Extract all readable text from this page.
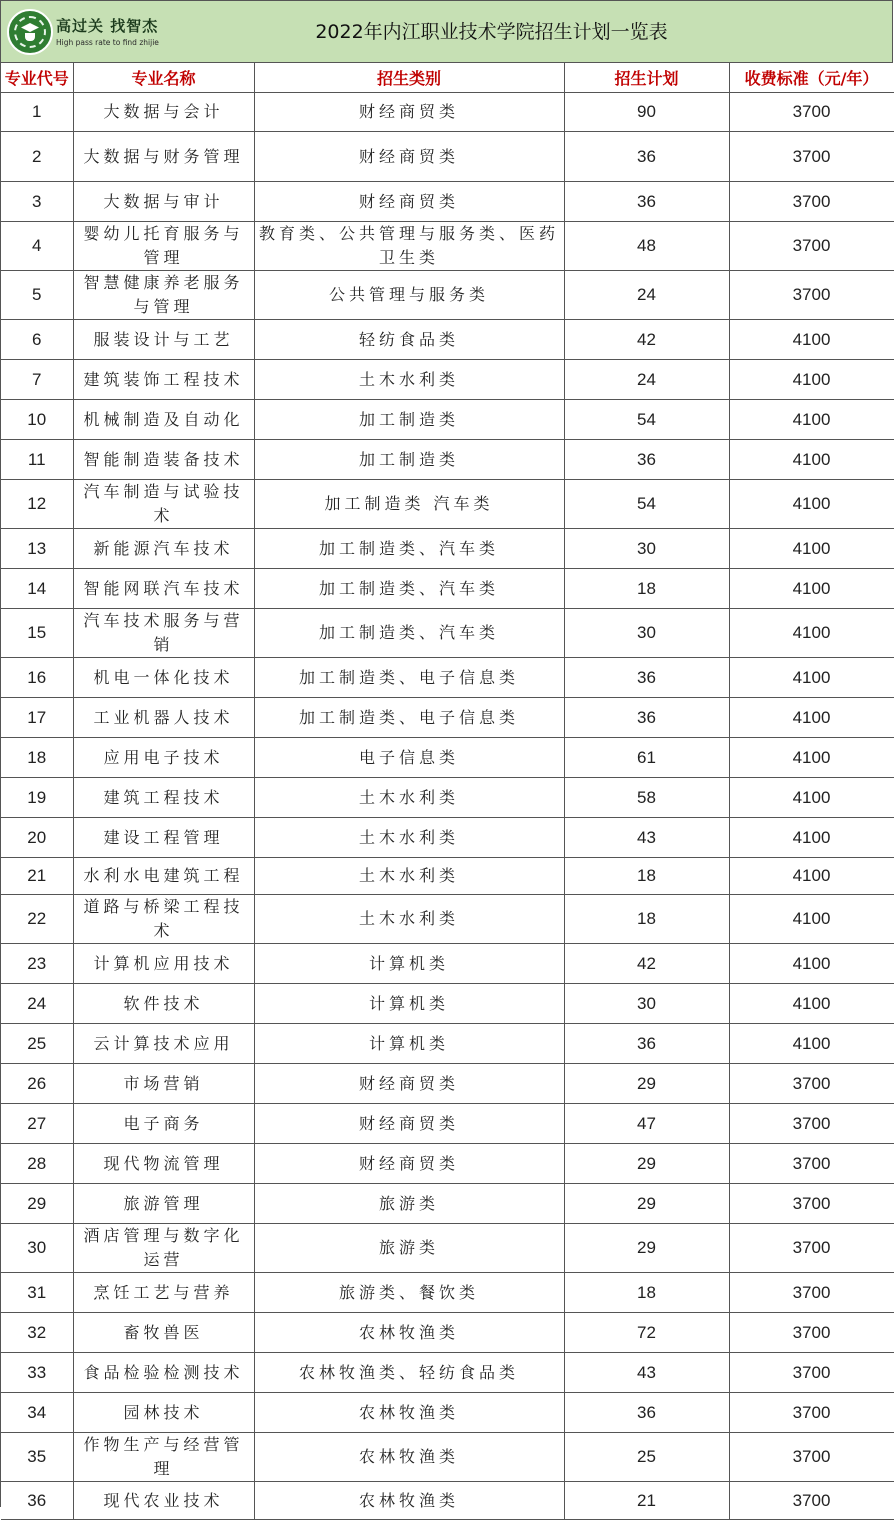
高过关 找智杰
High pass rate to find zhijie	2022年内江职业技术学院招生计划一览表
专业代号	专业名称	招生类别	招生计划	收费标准（元/年）
1	大数据与会计	财经商贸类	90	3700
2	大数据与财务管理	财经商贸类	36	3700
3	大数据与审计	财经商贸类	36	3700
4	婴幼儿托育服务与管理	教育类、公共管理与服务类、医药卫生类	48	3700
5	智慧健康养老服务与管理	公共管理与服务类	24	3700
6	服装设计与工艺	轻纺食品类	42	4100
7	建筑装饰工程技术	土木水利类	24	4100
10	机械制造及自动化	加工制造类	54	4100
11	智能制造装备技术	加工制造类	36	4100
12	汽车制造与试验技术	加工制造类 汽车类	54	4100
13	新能源汽车技术	加工制造类、汽车类	30	4100
14	智能网联汽车技术	加工制造类、汽车类	18	4100
15	汽车技术服务与营销	加工制造类、汽车类	30	4100
16	机电一体化技术	加工制造类、电子信息类	36	4100
17	工业机器人技术	加工制造类、电子信息类	36	4100
18	应用电子技术	电子信息类	61	4100
19	建筑工程技术	土木水利类	58	4100
20	建设工程管理	土木水利类	43	4100
21	水利水电建筑工程	土木水利类	18	4100
22	道路与桥梁工程技术	土木水利类	18	4100
23	计算机应用技术	计算机类	42	4100
24	软件技术	计算机类	30	4100
25	云计算技术应用	计算机类	36	4100
26	市场营销	财经商贸类	29	3700
27	电子商务	财经商贸类	47	3700
28	现代物流管理	财经商贸类	29	3700
29	旅游管理	旅游类	29	3700
30	酒店管理与数字化运营	旅游类	29	3700
31	烹饪工艺与营养	旅游类、餐饮类	18	3700
32	畜牧兽医	农林牧渔类	72	3700
33	食品检验检测技术	农林牧渔类、轻纺食品类	43	3700
34	园林技术	农林牧渔类	36	3700
35	作物生产与经营管理	农林牧渔类	25	3700
36	现代农业技术	农林牧渔类	21	3700
